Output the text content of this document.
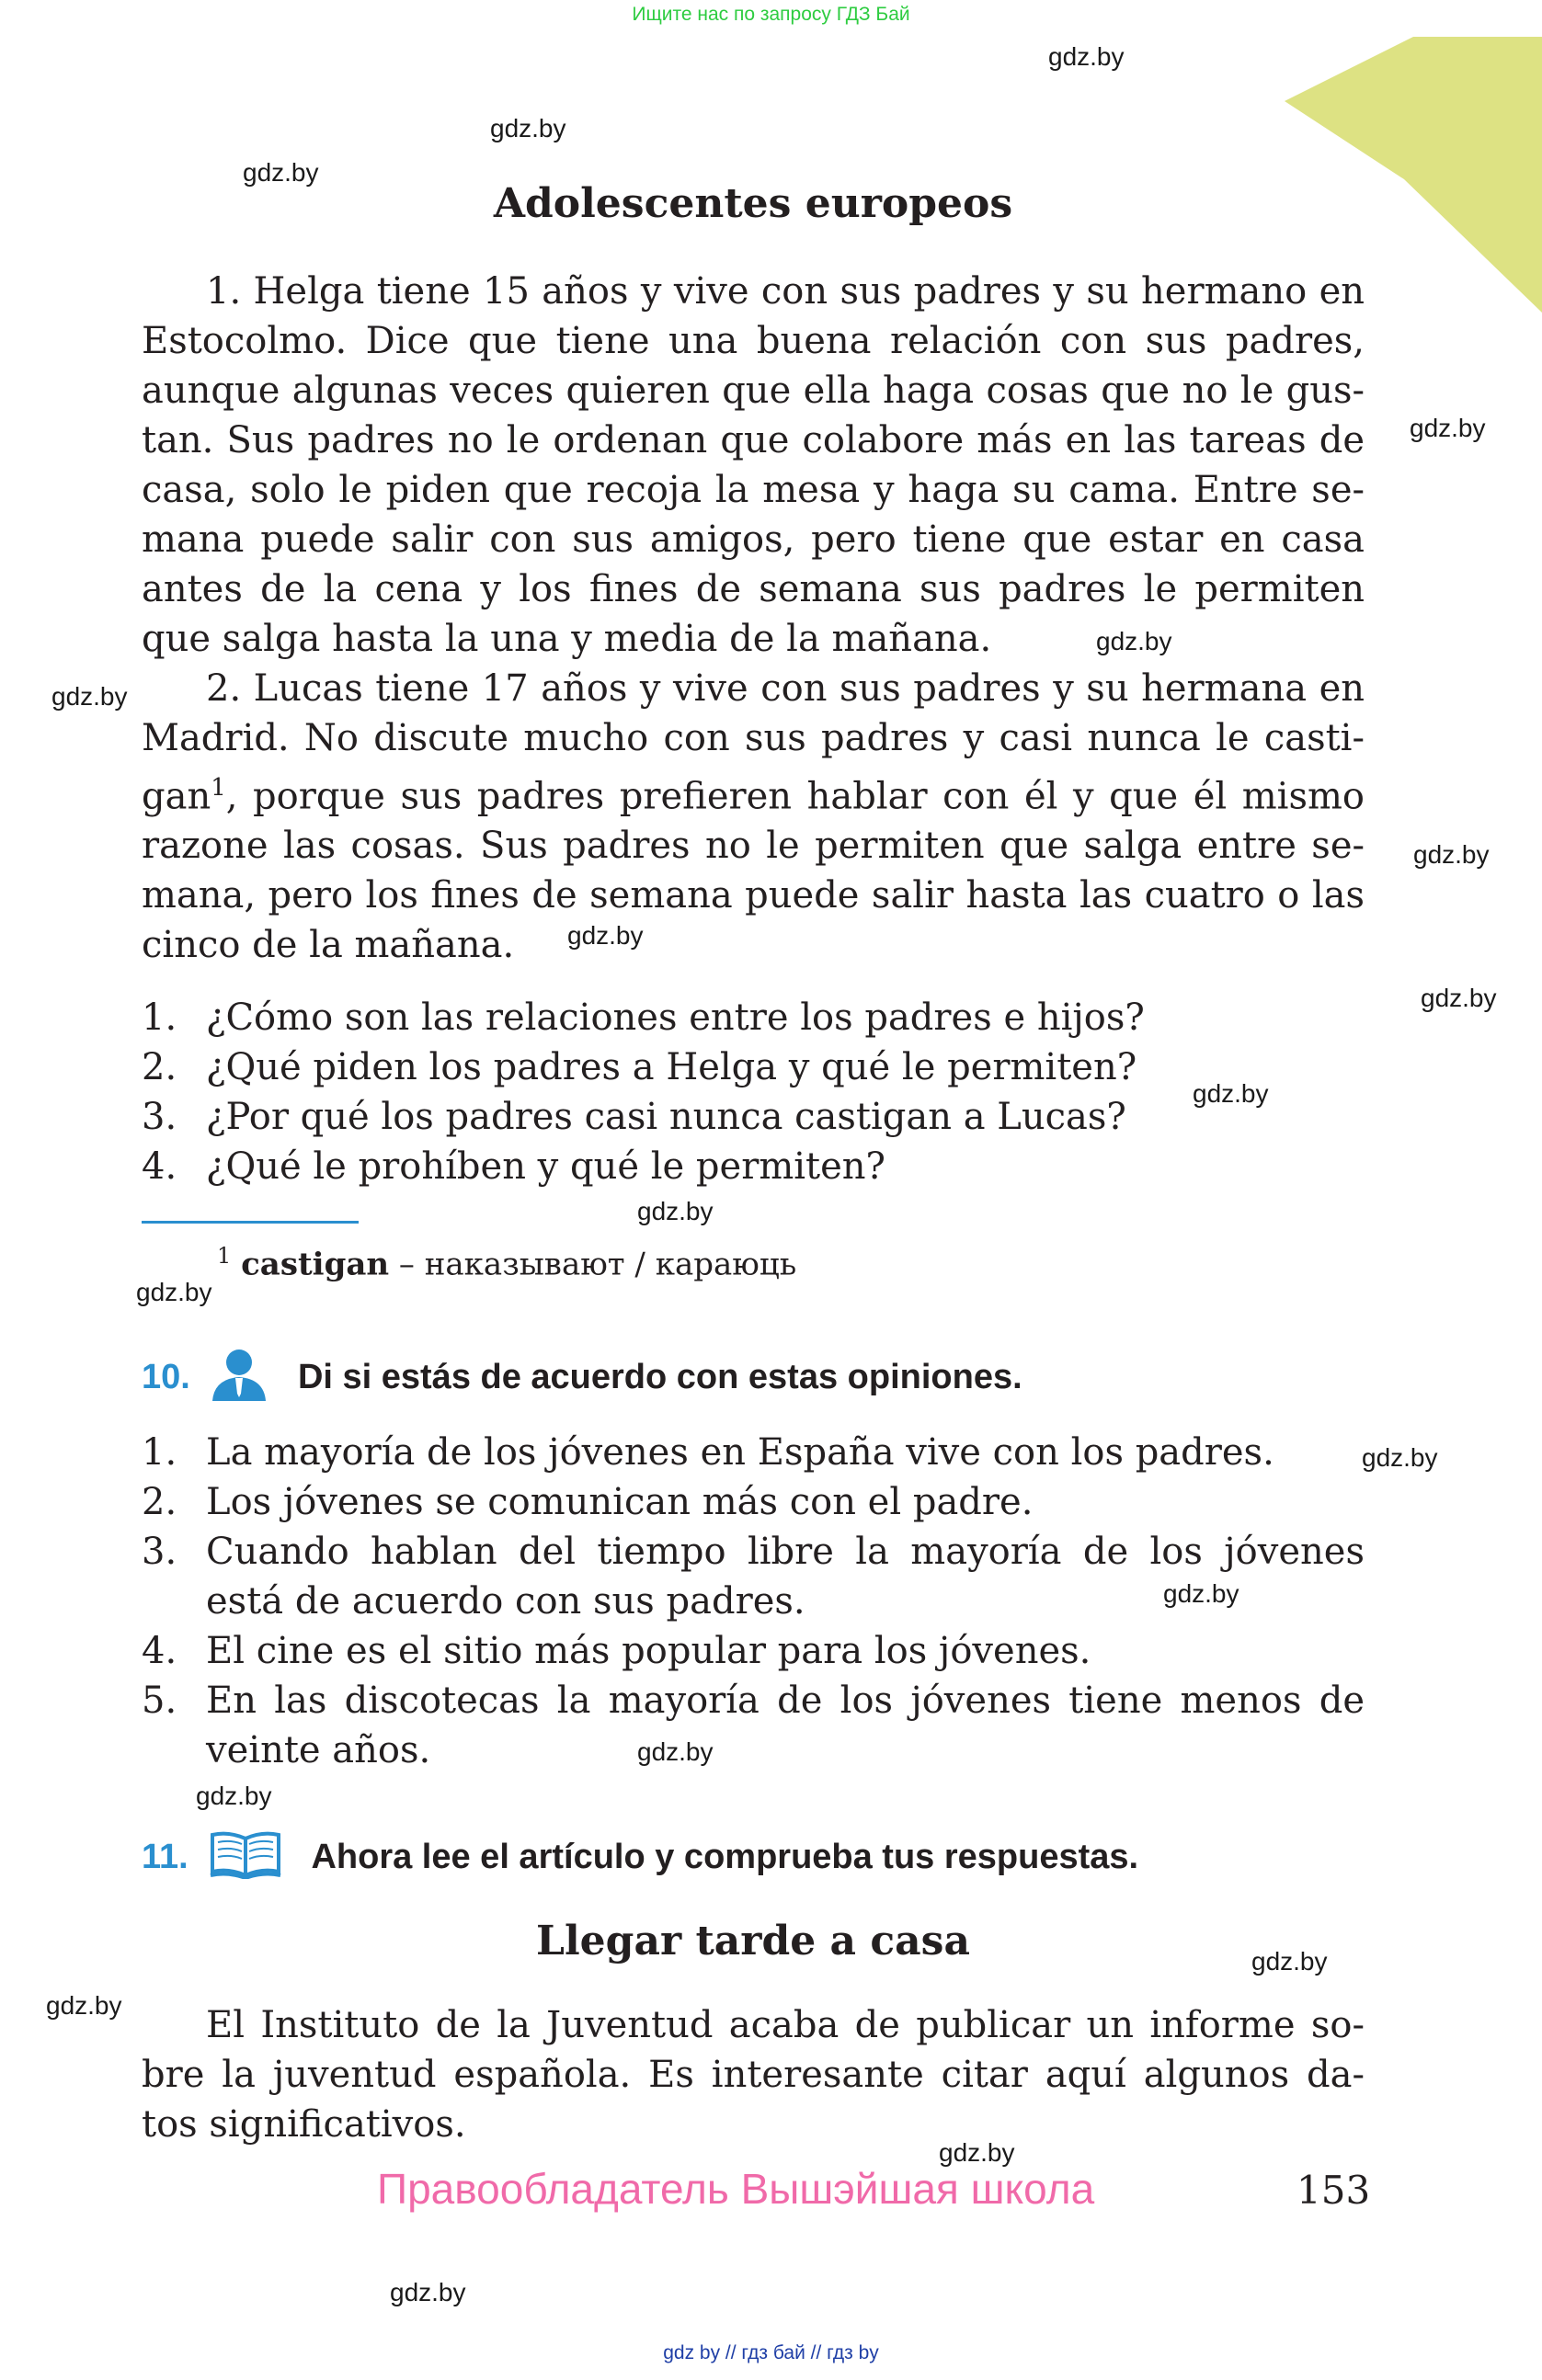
Ищите нас по запросу ГДЗ Бай
gdz.by
gdz.by
gdz.by
gdz.by
gdz.by
gdz.by
gdz.by
gdz.by
gdz.by
gdz.by
gdz.by
gdz.by
gdz.by
gdz.by
gdz.by
gdz.by
gdz.by
gdz.by
gdz.by
gdz.by
Adolescentes europeos
1. Helga tiene 15 años y vive con sus padres y su hermano en
Estocolmo. Dice que tiene una buena relación con sus padres,
aunque algunas veces quieren que ella haga cosas que no le gus-
tan. Sus padres no le ordenan que colabore más en las tareas de
casa, solo le piden que recoja la mesa y haga su cama. Entre se-
mana puede salir con sus amigos, pero tiene que estar en casa
antes de la cena y los fines de semana sus padres le permiten
que salga hasta la una y media de la mañana.
2. Lucas tiene 17 años y vive con sus padres y su hermana en
Madrid. No discute mucho con sus padres y casi nunca le casti-
gan$^1$, porque sus padres prefieren hablar con él y que él mismo
razone las cosas. Sus padres no le permiten que salga entre se-
mana, pero los fines de semana puede salir hasta las cuatro o las
cinco de la mañana.
1. ¿Cómo son las relaciones entre los padres e hijos?
2. ¿Qué piden los padres a Helga y qué le permiten?
3. ¿Por qué los padres casi nunca castigan a Lucas?
4. ¿Qué le prohíben y qué le permiten?
$^1$ castigan – наказывают / караюць
10.	Di si estás de acuerdo con estas opiniones.
1. La mayoría de los jóvenes en España vive con los padres.
2. Los jóvenes se comunican más con el padre.
3. Cuando hablan del tiempo libre la mayoría de los jóvenes
está de acuerdo con sus padres.
4. El cine es el sitio más popular para los jóvenes.
5. En las discotecas la mayoría de los jóvenes tiene menos de
veinte años.
11.	Ahora lee el artículo y comprueba tus respuestas.
Llegar tarde a casa
El Instituto de la Juventud acaba de publicar un informe so-
bre la juventud española. Es interesante citar aquí algunos da-
tos significativos.
Правообладатель Вышэйшая школа	153
gdz by // гдз бай // гдз by
